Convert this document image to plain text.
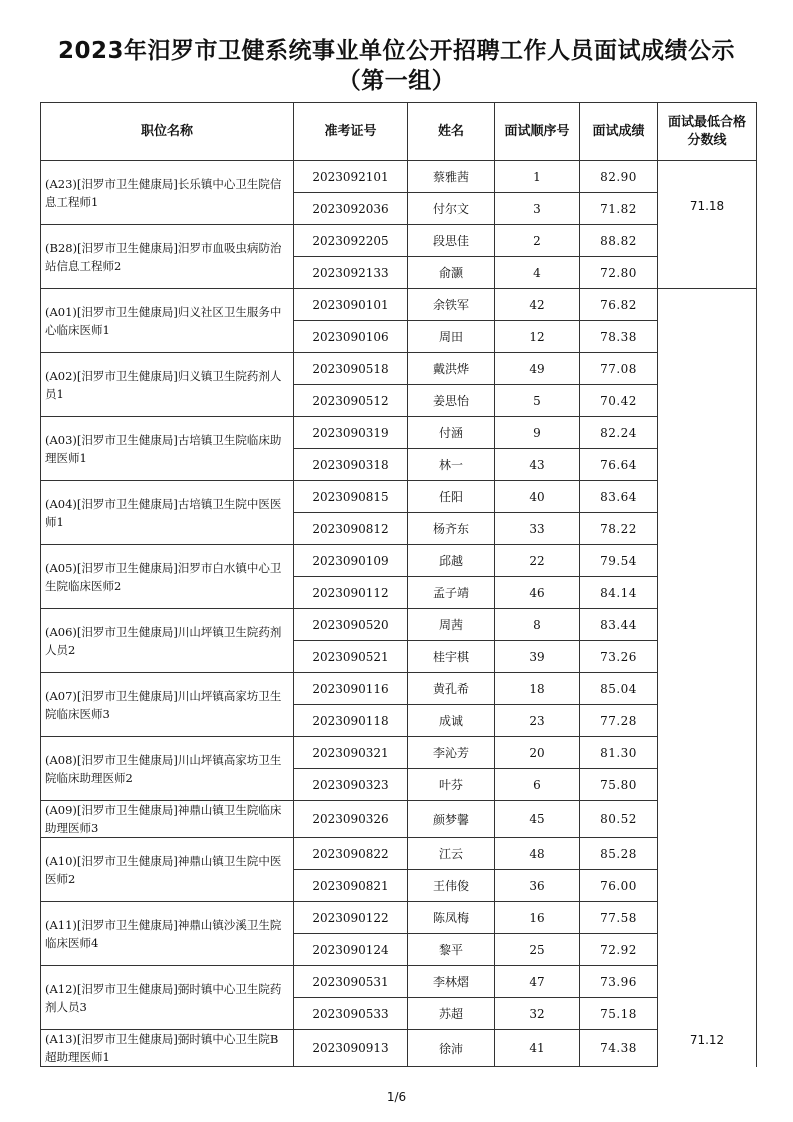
2023年汨罗市卫健系统事业单位公开招聘工作人员面试成绩公示
（第一组）
职位名称	准考证号	姓名	面试顺序号	面试成绩	面试最低合格分数线
(A23)[汨罗市卫生健康局]长乐镇中心卫生院信息工程师1	2023092101	蔡雅茜	1	82.90	71.18
	2023092036	付尔文	3	71.82	
(B28)[汨罗市卫生健康局]汨罗市血吸虫病防治站信息工程师2	2023092205	段思佳	2	88.82	
	2023092133	俞灏	4	72.80	
(A01)[汨罗市卫生健康局]归义社区卫生服务中心临床医师1	2023090101	余铁军	42	76.82	71.12
	2023090106	周田	12	78.38	
(A02)[汨罗市卫生健康局]归义镇卫生院药剂人员1	2023090518	戴洪烨	49	77.08	
	2023090512	姜思怡	5	70.42	
(A03)[汨罗市卫生健康局]古培镇卫生院临床助理医师1	2023090319	付涵	9	82.24	
	2023090318	林一	43	76.64	
(A04)[汨罗市卫生健康局]古培镇卫生院中医医师1	2023090815	任阳	40	83.64	
	2023090812	杨齐东	33	78.22	
(A05)[汨罗市卫生健康局]汨罗市白水镇中心卫生院临床医师2	2023090109	邱越	22	79.54	
	2023090112	孟子靖	46	84.14	
(A06)[汨罗市卫生健康局]川山坪镇卫生院药剂人员2	2023090520	周茜	8	83.44	
	2023090521	桂宇棋	39	73.26	
(A07)[汨罗市卫生健康局]川山坪镇高家坊卫生院临床医师3	2023090116	黄孔希	18	85.04	
	2023090118	成诚	23	77.28	
(A08)[汨罗市卫生健康局]川山坪镇高家坊卫生院临床助理医师2	2023090321	李沁芳	20	81.30	
	2023090323	叶芬	6	75.80	
(A09)[汨罗市卫生健康局]神鼎山镇卫生院临床助理医师3	2023090326	颜梦馨	45	80.52	
(A10)[汨罗市卫生健康局]神鼎山镇卫生院中医医师2	2023090822	江云	48	85.28	
	2023090821	王伟俊	36	76.00	
(A11)[汨罗市卫生健康局]神鼎山镇沙溪卫生院临床医师4	2023090122	陈凤梅	16	77.58	
	2023090124	黎平	25	72.92	
(A12)[汨罗市卫生健康局]弼时镇中心卫生院药剂人员3	2023090531	李林熠	47	73.96	
	2023090533	苏超	32	75.18	
(A13)[汨罗市卫生健康局]弼时镇中心卫生院B超助理医师1	2023090913	徐沛	41	74.38	
1/6
